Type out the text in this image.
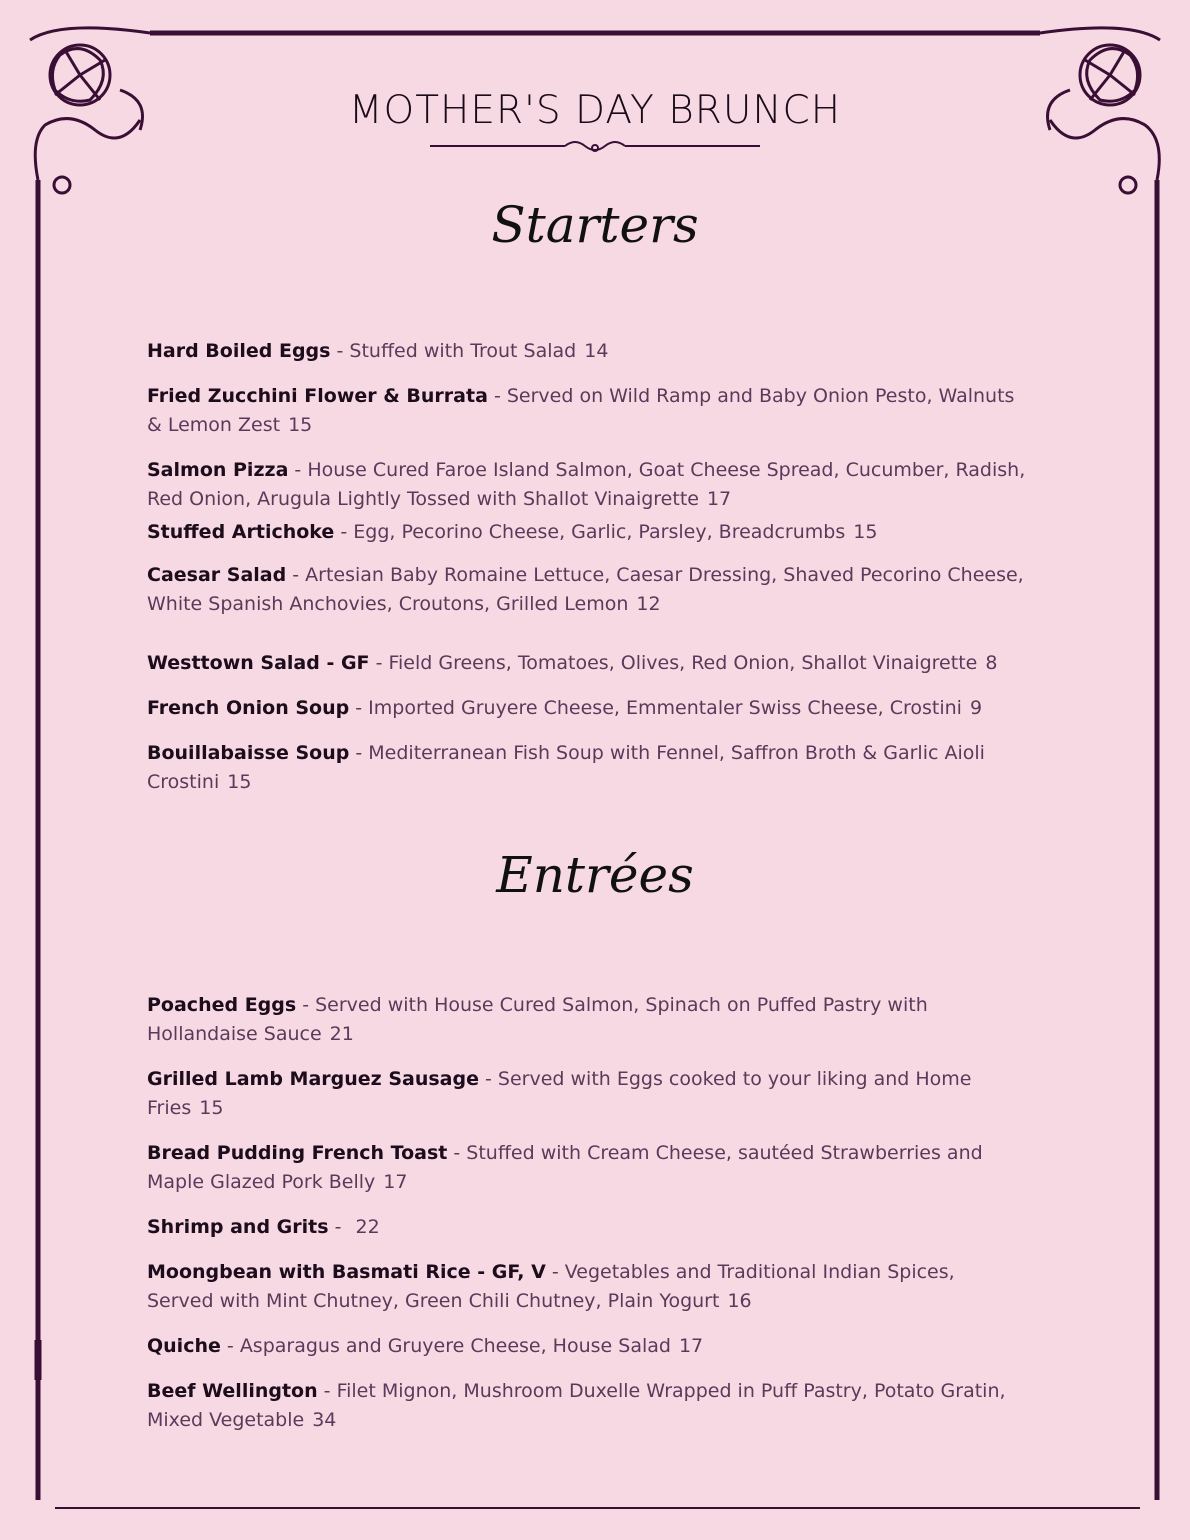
MOTHER'S DAY BRUNCH
Starters
Hard Boiled Eggs - Stuffed with Trout Salad 14
Fried Zucchini Flower & Burrata - Served on Wild Ramp and Baby Onion Pesto, Walnuts & Lemon Zest 15
Salmon Pizza - House Cured Faroe Island Salmon, Goat Cheese Spread, Cucumber, Radish, Red Onion, Arugula Lightly Tossed with Shallot Vinaigrette 17
Stuffed Artichoke - Egg, Pecorino Cheese, Garlic, Parsley, Breadcrumbs 15
Caesar Salad - Artesian Baby Romaine Lettuce, Caesar Dressing, Shaved Pecorino Cheese, White Spanish Anchovies, Croutons, Grilled Lemon 12
Westtown Salad - GF - Field Greens, Tomatoes, Olives, Red Onion, Shallot Vinaigrette 8
French Onion Soup - Imported Gruyere Cheese, Emmentaler Swiss Cheese, Crostini 9
Bouillabaisse Soup - Mediterranean Fish Soup with Fennel, Saffron Broth & Garlic Aioli Crostini 15
Entrées
Poached Eggs - Served with House Cured Salmon, Spinach on Puffed Pastry with Hollandaise Sauce 21
Grilled Lamb Marguez Sausage - Served with Eggs cooked to your liking and Home Fries 15
Bread Pudding French Toast - Stuffed with Cream Cheese, sautéed Strawberries and Maple Glazed Pork Belly 17
Shrimp and Grits - 22
Moongbean with Basmati Rice - GF, V - Vegetables and Traditional Indian Spices, Served with Mint Chutney, Green Chili Chutney, Plain Yogurt 16
Quiche - Asparagus and Gruyere Cheese, House Salad 17
Beef Wellington - Filet Mignon, Mushroom Duxelle Wrapped in Puff Pastry, Potato Gratin, Mixed Vegetable 34
